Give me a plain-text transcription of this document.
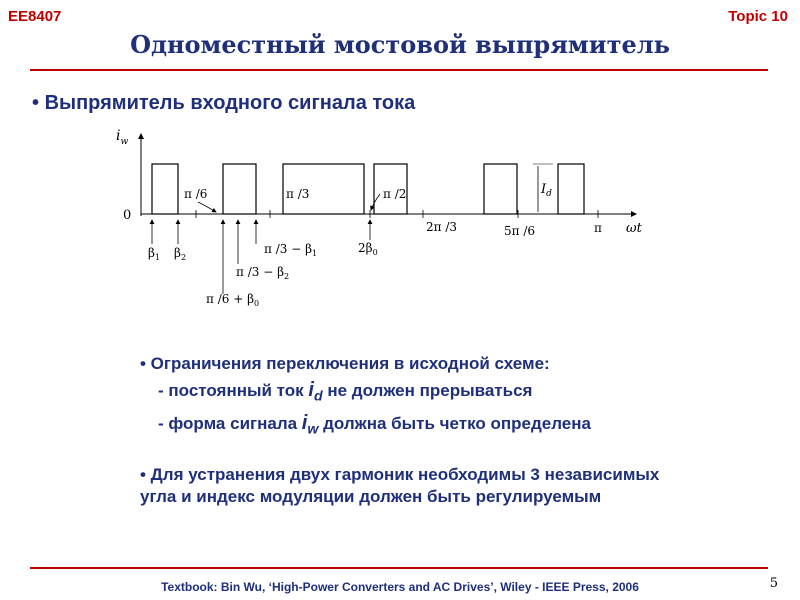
EE8407	Topic 10
Одноместный мостовой выпрямитель
• Выпрямитель входного сигнала тока
$I_d$
$i_w$
0
ωt
π /6	π /3	π /2
2π /3	5π /6	π
$\beta_1$ $\beta_2$
π $/3 - \beta_1$	$2\beta_0$
π $/3 - \beta_2$
π $/6 + \beta_0$
• Ограничения переключения в исходной схеме:
- постоянный ток $i_d$ не должен прерываться
- форма сигнала $i_w$ должна быть четко определена
• Для устранения двух гармоник необходимы 3 независимых угла и индекс модуляции должен быть регулируемым
Textbook: Bin Wu, ‘High-Power Converters and AC Drives’, Wiley - IEEE Press, 2006	5
